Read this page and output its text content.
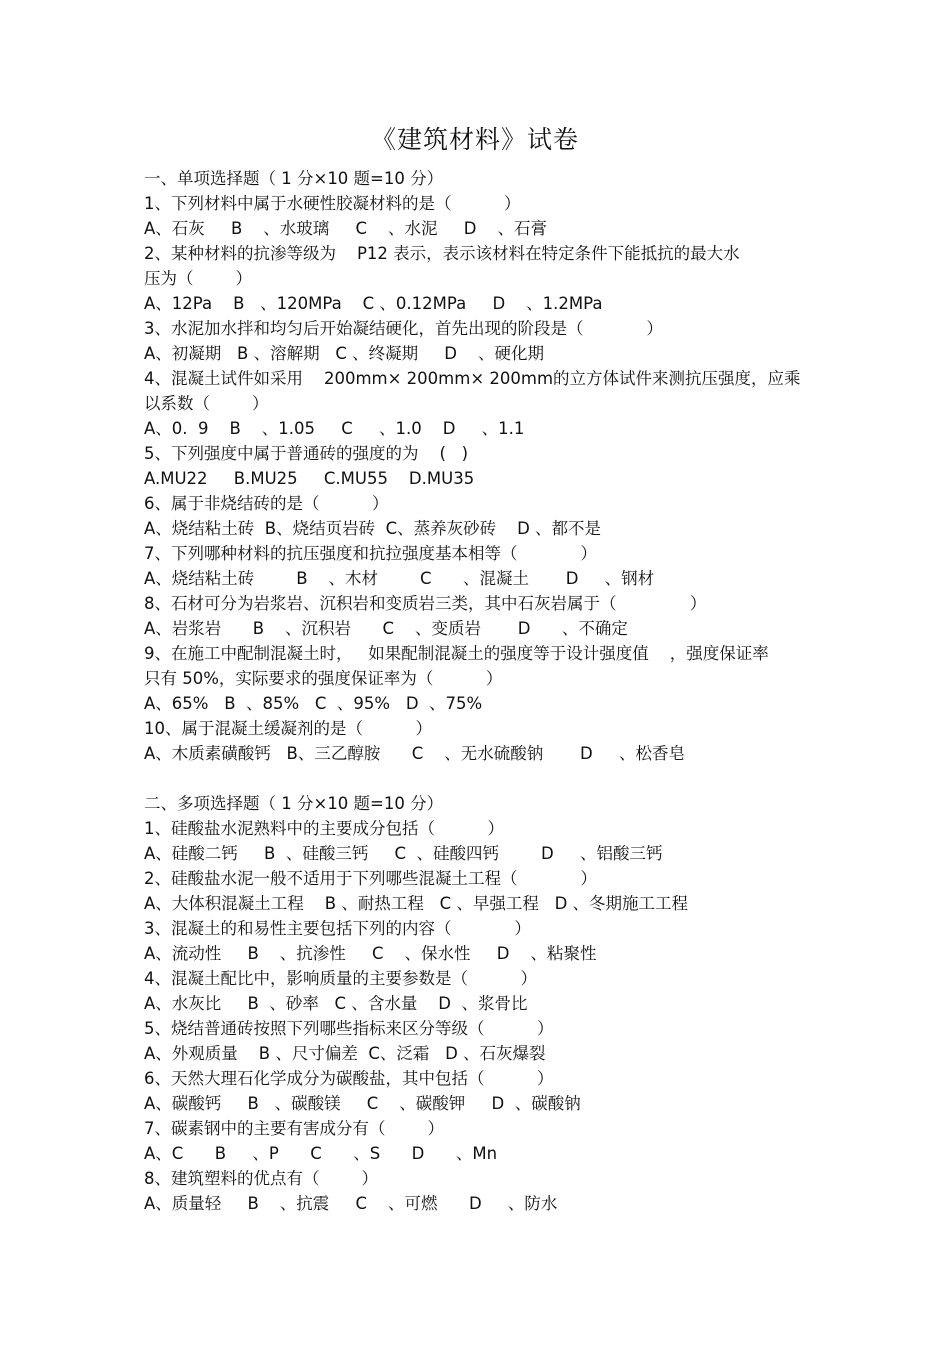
《建筑材料》试卷
一、单项选择题（ 1 分×10 题=10 分）
1、下列材料中属于水硬性胶凝材料的是（          ）
A、石灰     B    、水玻璃     C    、水泥     D    、石膏
2、某种材料的抗渗等级为    P12 表示，表示该材料在特定条件下能抵抗的最大水
压为（        ）
A、12Pa    B   、120MPa    C 、0.12MPa     D    、1.2MPa
3、水泥加水拌和均匀后开始凝结硬化，首先出现的阶段是（            ）
A、初凝期   B 、溶解期   C 、终凝期     D    、硬化期
4、混凝土试件如采用    200mm× 200mm× 200mm的立方体试件来测抗压强度，应乘
以系数（        ）
A、0.  9    B    、1.05     C     、1.0    D     、1.1
5、下列强度中属于普通砖的强度的为    (   )
A.MU22     B.MU25     C.MU55    D.MU35
6、属于非烧结砖的是（          ）
A、烧结粘土砖  B、烧结页岩砖  C、蒸养灰砂砖    D 、都不是
7、下列哪种材料的抗压强度和抗拉强度基本相等（            ）
A、烧结粘土砖        B    、木材        C      、混凝土       D     、钢材
8、石材可分为岩浆岩、沉积岩和变质岩三类，其中石灰岩属于（              ）
A、岩浆岩      B    、沉积岩      C    、变质岩       D      、不确定
9、在施工中配制混凝土时，   如果配制混凝土的强度等于设计强度值    ，强度保证率
只有 50%，实际要求的强度保证率为（          ）
A、65%   B  、85%   C  、95%   D  、75%
10、属于混凝土缓凝剂的是（          ）
A、木质素磺酸钙   B、三乙醇胺      C    、无水硫酸钠       D     、松香皂
二、多项选择题（ 1 分×10 题=10 分）
1、硅酸盐水泥熟料中的主要成分包括（          ）
A、硅酸二钙     B  、硅酸三钙     C  、硅酸四钙        D     、铝酸三钙
2、硅酸盐水泥一般不适用于下列哪些混凝土工程（            ）
A、大体积混凝土工程    B 、耐热工程   C 、早强工程   D 、冬期施工工程
3、混凝土的和易性主要包括下列的内容（            ）
A、流动性     B    、抗渗性     C    、保水性     D    、粘聚性
4、混凝土配比中，影响质量的主要参数是（          ）
A、水灰比     B  、砂率   C 、含水量    D  、浆骨比
5、烧结普通砖按照下列哪些指标来区分等级（          ）
A、外观质量    B 、尺寸偏差  C、泛霜   D 、石灰爆裂
6、天然大理石化学成分为碳酸盐，其中包括（          ）
A、碳酸钙     B   、碳酸镁     C    、碳酸钾     D  、碳酸钠
7、碳素钢中的主要有害成分有（        ）
A、C      B     、P      C      、S      D      、Mn
8、建筑塑料的优点有（        ）
A、质量轻     B    、抗震     C    、可燃      D     、防水
